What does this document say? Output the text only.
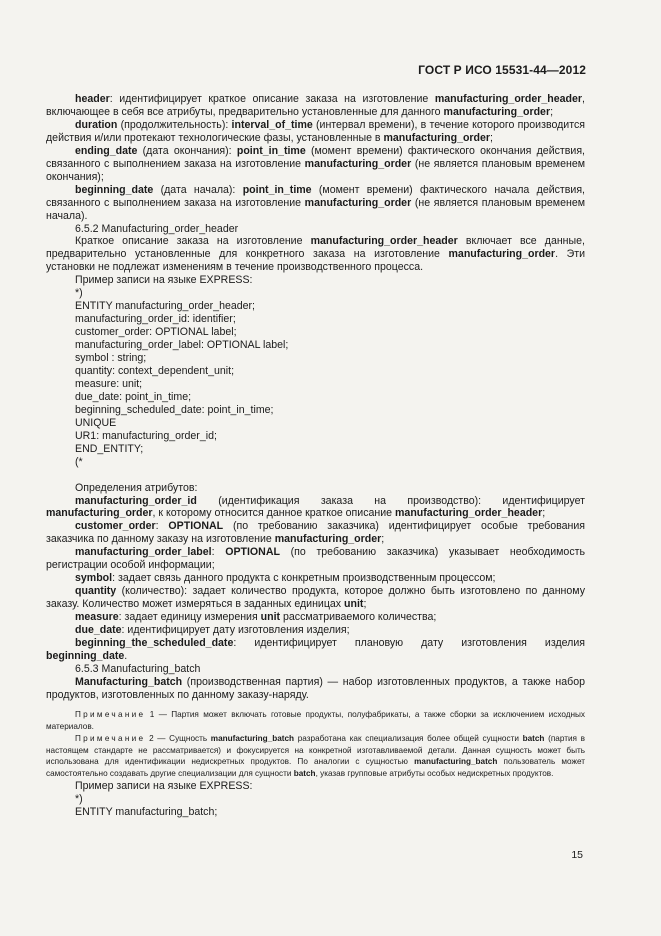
ГОСТ Р ИСО 15531-44—2012

header: идентифицирует краткое описание заказа на изготовление manufacturing_order_header, включающее в себя все атрибуты, предварительно установленные для данного manufacturing_order;

duration (продолжительность): interval_of_time (интервал времени), в течение которого производится действия и/или протекают технологические фазы, установленные в manufacturing_order;

ending_date (дата окончания): point_in_time (момент времени) фактического окончания действия, связанного с выполнением заказа на изготовление manufacturing_order (не является плановым временем окончания);

beginning_date (дата начала): point_in_time (момент времени) фактического начала действия, связанного с выполнением заказа на изготовление manufacturing_order (не является плановым временем начала).

6.5.2 Manufacturing_order_header

Краткое описание заказа на изготовление manufacturing_order_header включает все данные, предварительно установленные для конкретного заказа на изготовление manufacturing_order. Эти установки не подлежат изменениям в течение производственного процесса.

Пример записи на языке EXPRESS:

*)

ENTITY manufacturing_order_header;

manufacturing_order_id: identifier;

customer_order: OPTIONAL label;

manufacturing_order_label: OPTIONAL label;

symbol : string;

quantity: context_dependent_unit;

measure: unit;

due_date: point_in_time;

beginning_scheduled_date: point_in_time;

UNIQUE

UR1: manufacturing_order_id;

END_ENTITY;

(*

Определения атрибутов:

manufacturing_order_id (идентификация заказа на производство): идентифицирует

manufacturing_order, к которому относится данное краткое описание manufacturing_order_header;

customer_order: OPTIONAL (по требованию заказчика) идентифицирует особые требования заказчика по данному заказу на изготовление manufacturing_order;

manufacturing_order_label: OPTIONAL (по требованию заказчика) указывает необходимость регистрации особой информации;

symbol: задает связь данного продукта с конкретным производственным процессом;

quantity (количество): задает количество продукта, которое должно быть изготовлено по данному заказу. Количество может измеряться в заданных единицах unit;

measure: задает единицу измерения unit рассматриваемого количества;

due_date: идентифицирует дату изготовления изделия;

beginning_the_scheduled_date: идентифицирует плановую дату изготовления изделия

beginning_date.

6.5.3 Manufacturing_batch

Manufacturing_batch (производственная партия) — набор изготовленных продуктов, а также набор продуктов, изготовленных по данному заказу-наряду.

Примечание 1 — Партия может включать готовые продукты, полуфабрикаты, а также сборки за исключением исходных материалов.

Примечание 2 — Сущность manufacturing_batch разработана как специализация более общей сущности batch (партия в настоящем стандарте не рассматривается) и фокусируется на конкретной изготавливаемой детали. Данная сущность может быть использована для идентификации недискретных продуктов. По аналогии с сущностью manufacturing_batch пользователь может самостоятельно создавать другие специализации для сущности batch, указав групповые атрибуты особых недискретных продуктов.

Пример записи на языке EXPRESS:

*)

ENTITY manufacturing_batch;

15
